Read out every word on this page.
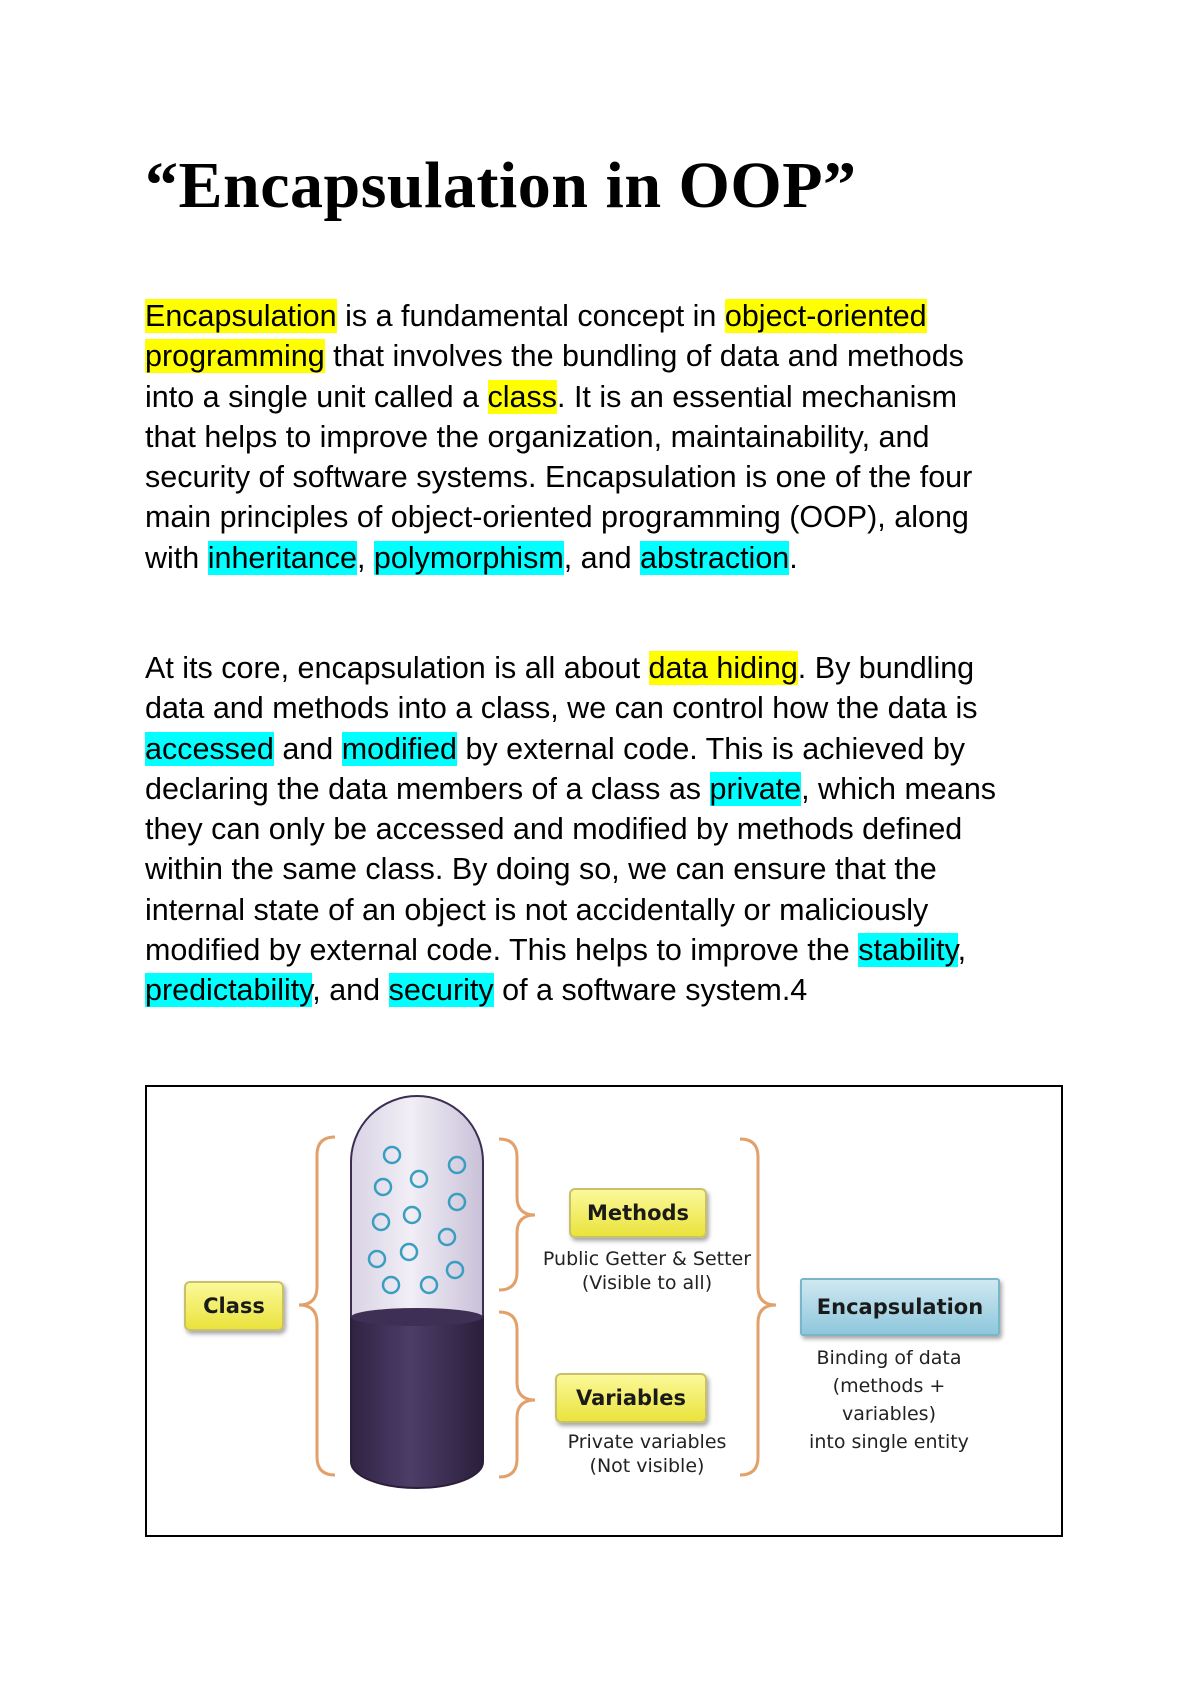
“Encapsulation in OOP”

Encapsulation is a fundamental concept in object-oriented
programming that involves the bundling of data and methods
into a single unit called a class. It is an essential mechanism
that helps to improve the organization, maintainability, and
security of software systems. Encapsulation is one of the four
main principles of object-oriented programming (OOP), along
with inheritance, polymorphism, and abstraction.

At its core, encapsulation is all about data hiding. By bundling
data and methods into a class, we can control how the data is
accessed and modified by external code. This is achieved by
declaring the data members of a class as private, which means
they can only be accessed and modified by methods defined
within the same class. By doing so, we can ensure that the
internal state of an object is not accidentally or maliciously
modified by external code. This helps to improve the stability,
predictability, and security of a software system.4

Class
Methods
Public Getter & Setter
(Visible to all)
Variables
Private variables
(Not visible)
Encapsulation
Binding of data
(methods +
variables)
into single entity
